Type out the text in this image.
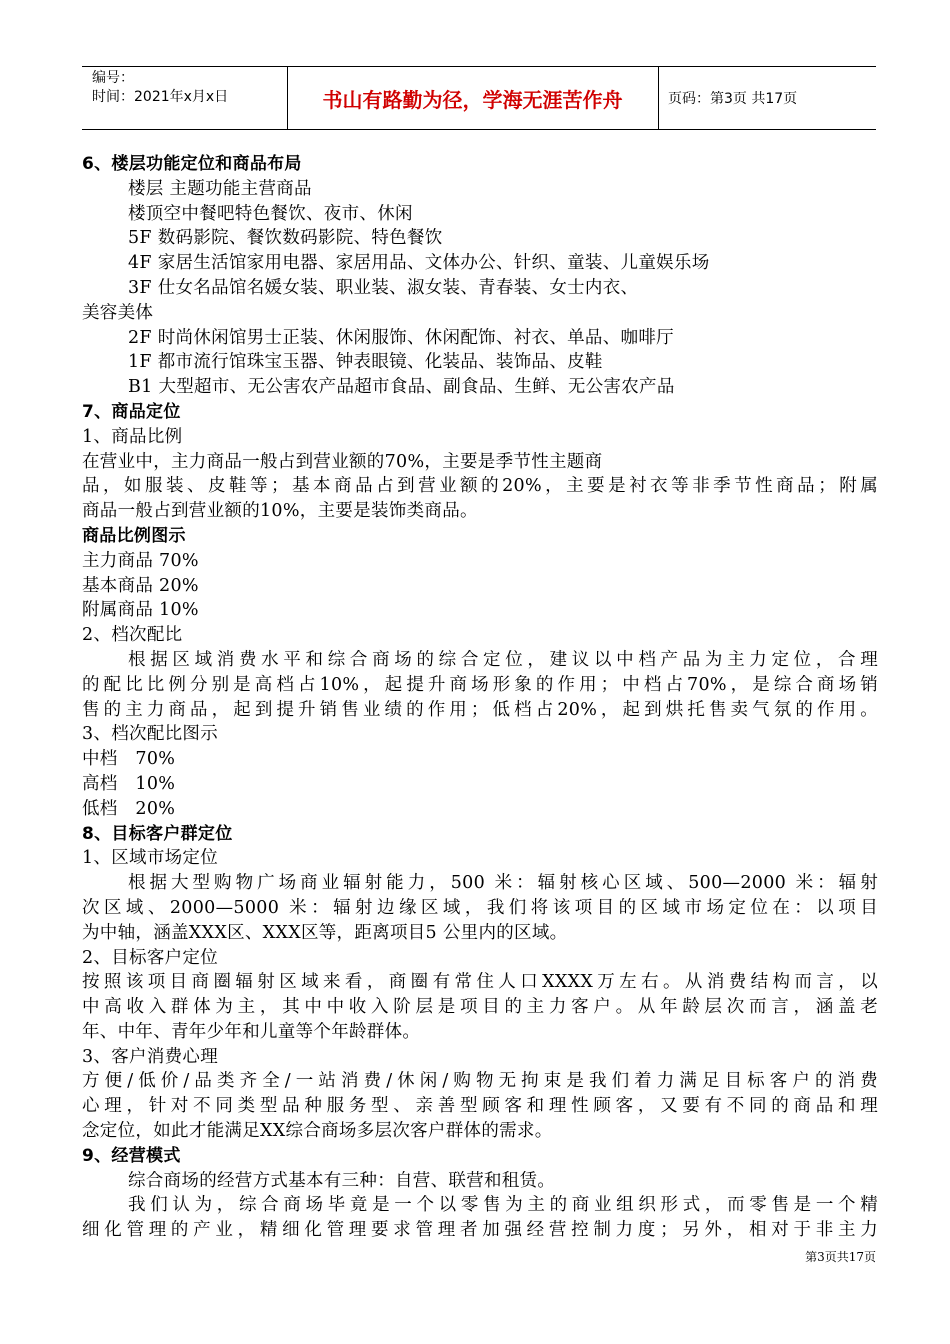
编号：
时间：2021年x月x日	书山有路勤为径，学海无涯苦作舟	页码：第3页 共17页
6、楼层功能定位和商品布局
楼层 主题功能主营商品
楼顶空中餐吧特色餐饮、夜市、休闲
5F 数码影院、餐饮数码影院、特色餐饮
4F 家居生活馆家用电器、家居用品、文体办公、针织、童装、儿童娱乐场
3F 仕女名品馆名媛女装、职业装、淑女装、青春装、女士内衣、
美容美体
2F 时尚休闲馆男士正装、休闲服饰、休闲配饰、衬衣、单品、咖啡厅
1F 都市流行馆珠宝玉器、钟表眼镜、化装品、装饰品、皮鞋
B1 大型超市、无公害农产品超市食品、副食品、生鲜、无公害农产品
7、商品定位
1、商品比例
在营业中，主力商品一般占到营业额的70%，主要是季节性主题商
品，如服装、皮鞋等；基本商品占到营业额的20%，主要是衬衣等非季节性商品；附属
商品一般占到营业额的10%，主要是装饰类商品。
商品比例图示
主力商品 70%
基本商品 20%
附属商品 10%
2、档次配比
根据区域消费水平和综合商场的综合定位，建议以中档产品为主力定位，合理
的配比比例分别是高档占10%，起提升商场形象的作用；中档占70%，是综合商场销
售的主力商品，起到提升销售业绩的作用；低档占20%，起到烘托售卖气氛的作用。
3、档次配比图示
中档　70%
高档　10%
低档　20%
8、目标客户群定位
1、区域市场定位
根据大型购物广场商业辐射能力，500 米：辐射核心区域、500—2000 米：辐射
次区域、2000—5000 米：辐射边缘区域，我们将该项目的区域市场定位在：以项目
为中轴，涵盖XXX区、XXX区等，距离项目5 公里内的区域。
2、目标客户定位
按照该项目商圈辐射区域来看，商圈有常住人口XXXX万左右。从消费结构而言，以
中高收入群体为主，其中中收入阶层是项目的主力客户。从年龄层次而言，涵盖老
年、中年、青年少年和儿童等个年龄群体。
3、客户消费心理
方便/低价/品类齐全/一站消费/休闲/购物无拘束是我们着力满足目标客户的消费
心理，针对不同类型品种服务型、亲善型顾客和理性顾客，又要有不同的商品和理
念定位，如此才能满足XX综合商场多层次客户群体的需求。
9、经营模式
综合商场的经营方式基本有三种：自营、联营和租赁。
我们认为，综合商场毕竟是一个以零售为主的商业组织形式，而零售是一个精
细化管理的产业，精细化管理要求管理者加强经营控制力度；另外，相对于非主力
第3页共17页
